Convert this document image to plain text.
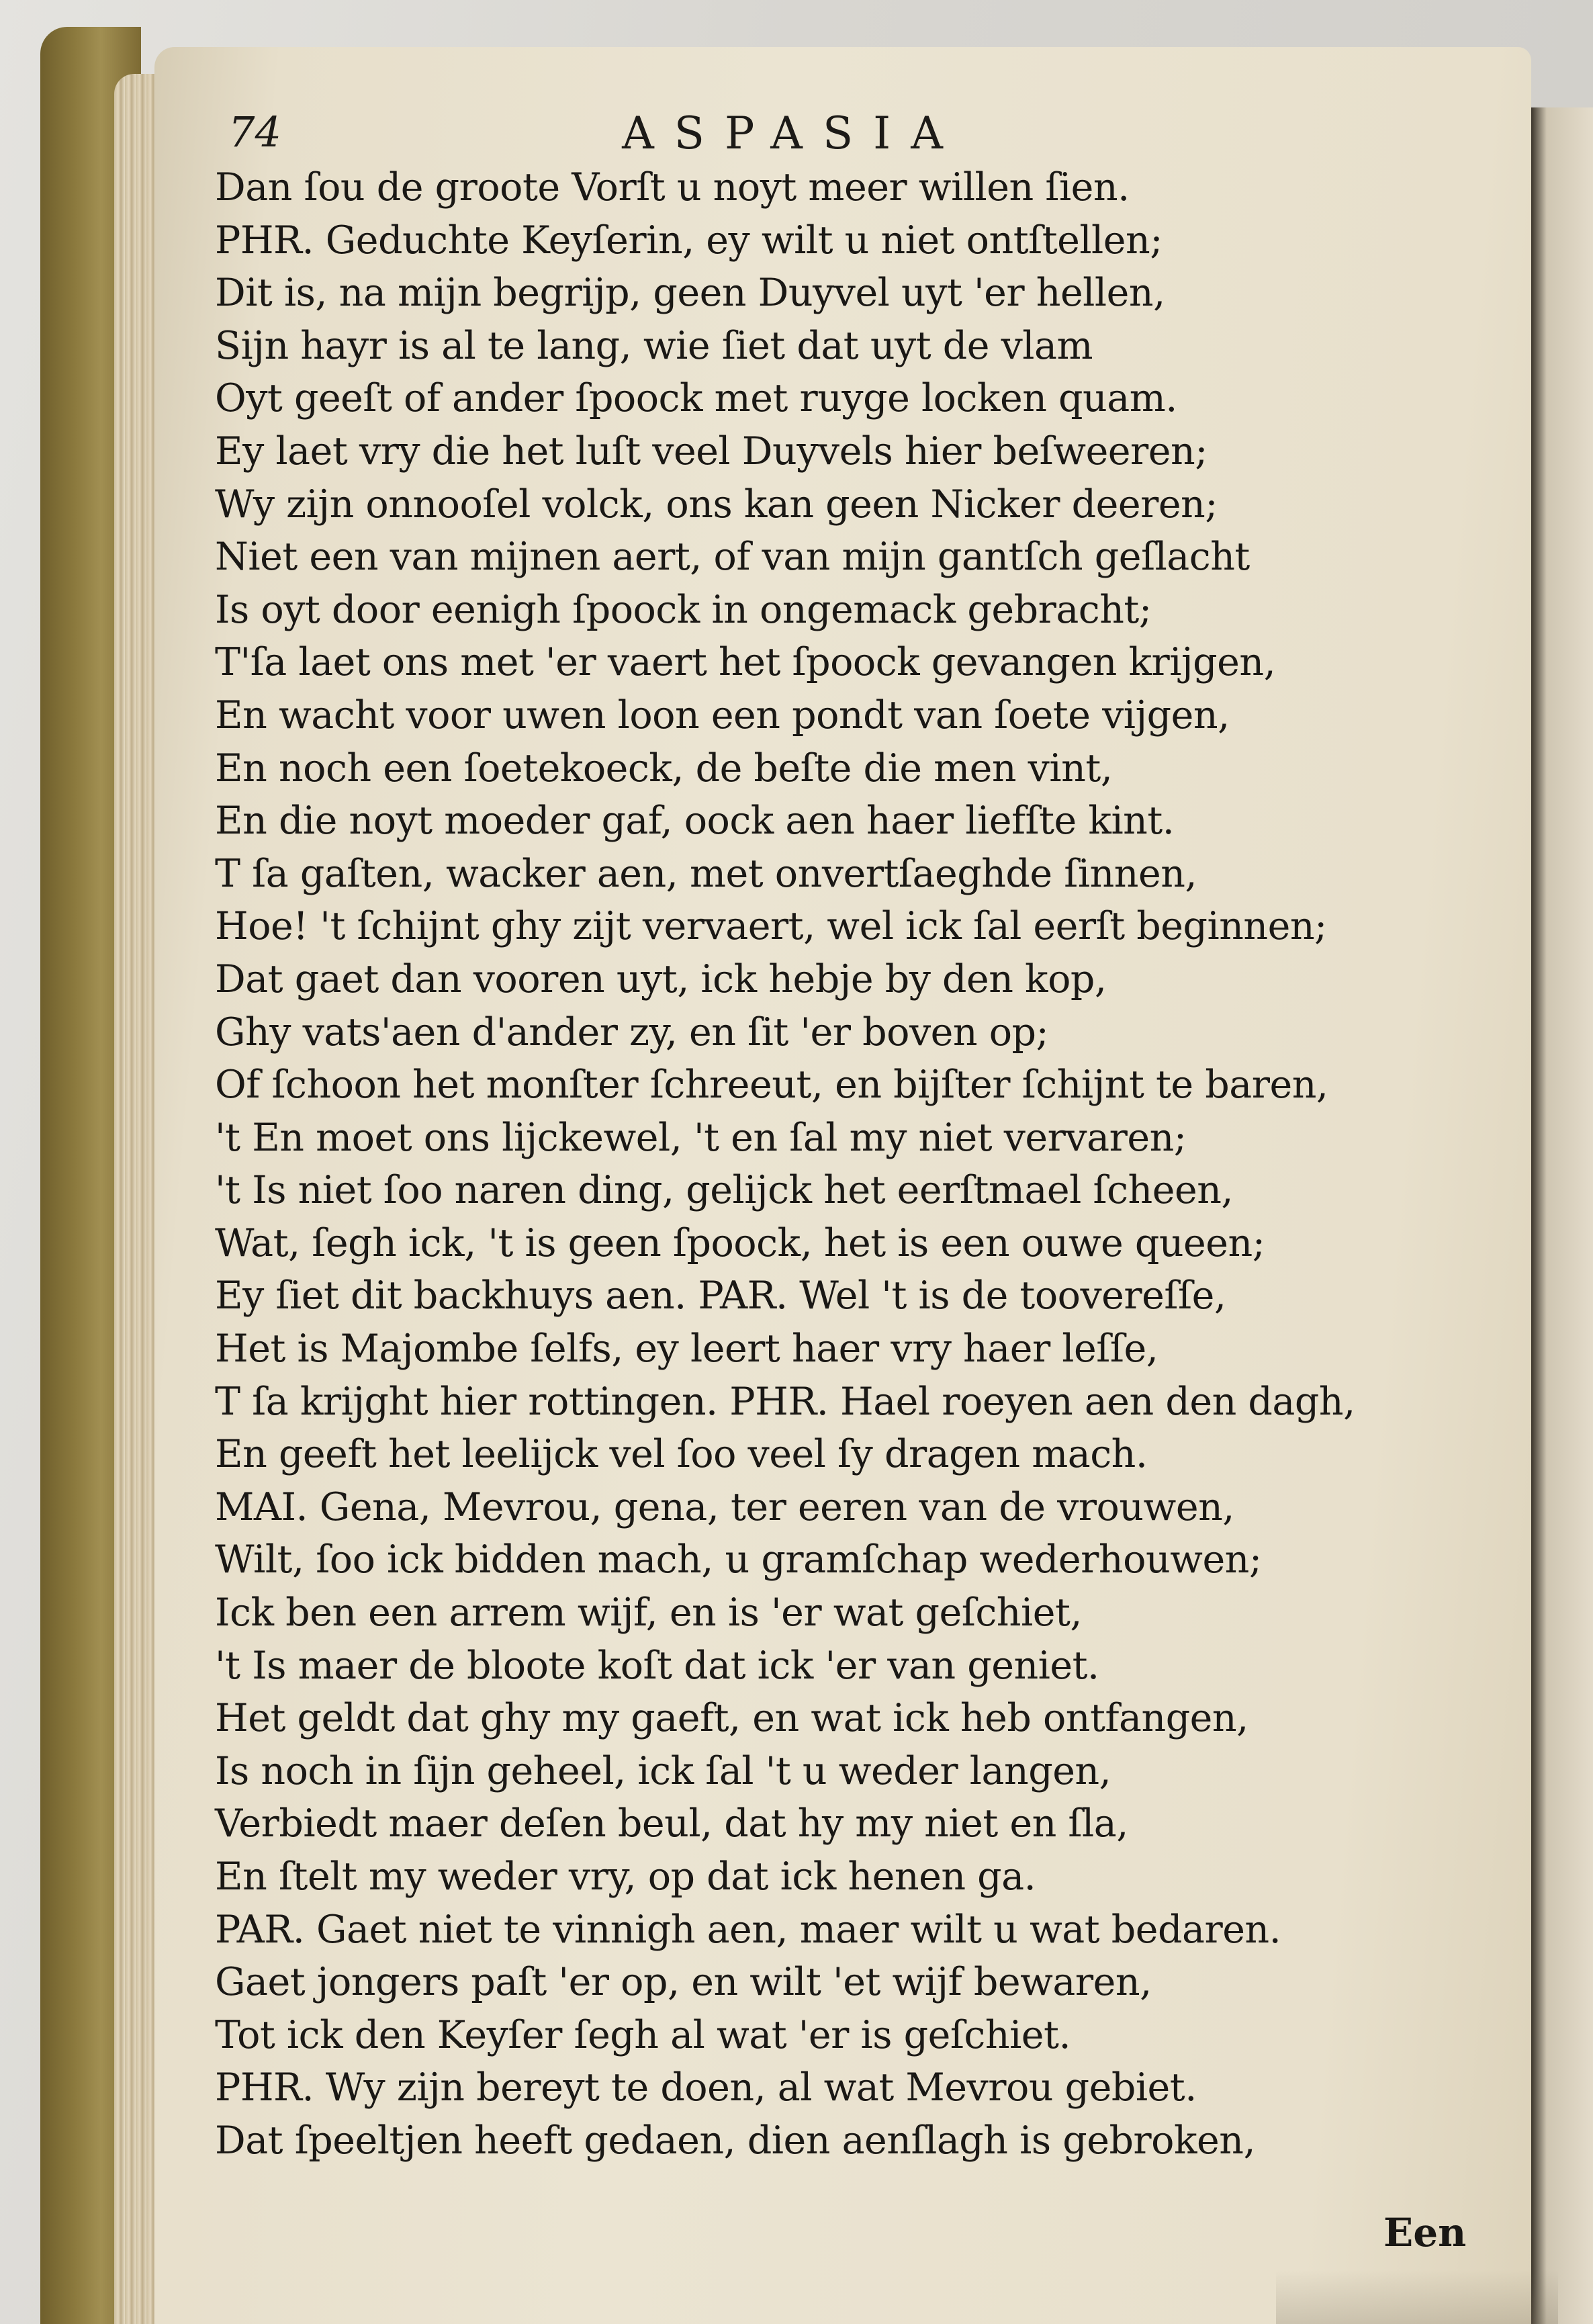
74	ASPASIA
Dan ſou de groote Vorſt u noyt meer willen ſien.
PHR. Geduchte Keyſerin, ey wilt u niet ontſtellen;
Dit is, na mijn begrijp, geen Duyvel uyt 'er hellen,
Sijn hayr is al te lang, wie ſiet dat uyt de vlam
Oyt geeſt of ander ſpoock met ruyge locken quam.
Ey laet vry die het luſt veel Duyvels hier beſweeren;
Wy zijn onnooſel volck, ons kan geen Nicker deeren;
Niet een van mijnen aert, of van mijn gantſch geſlacht
Is oyt door eenigh ſpoock in ongemack gebracht;
T'ſa laet ons met 'er vaert het ſpoock gevangen krijgen,
En wacht voor uwen loon een pondt van ſoete vijgen,
En noch een ſoetekoeck, de beſte die men vint,
En die noyt moeder gaf, oock aen haer liefſte kint.
T ſa gaſten, wacker aen, met onvertſaeghde ſinnen,
Hoe! 't ſchijnt ghy zijt vervaert, wel ick ſal eerſt beginnen;
Dat gaet dan vooren uyt, ick hebje by den kop,
Ghy vats'aen d'ander zy, en ſit 'er boven op;
Of ſchoon het monſter ſchreeut, en bijſter ſchijnt te baren,
't En moet ons lijckewel, 't en ſal my niet vervaren;
't Is niet ſoo naren ding, gelijck het eerſtmael ſcheen,
Wat, ſegh ick, 't is geen ſpoock, het is een ouwe queen;
Ey ſiet dit backhuys aen. PAR. Wel 't is de toovereſſe,
Het is Majombe ſelfs, ey leert haer vry haer leſſe,
T ſa krijght hier rottingen. PHR. Hael roeyen aen den dagh,
En geeft het leelijck vel ſoo veel ſy dragen mach.
MAI. Gena, Mevrou, gena, ter eeren van de vrouwen,
Wilt, ſoo ick bidden mach, u gramſchap wederhouwen;
Ick ben een arrem wijf, en is 'er wat geſchiet,
't Is maer de bloote koſt dat ick 'er van geniet.
Het geldt dat ghy my gaeft, en wat ick heb ontfangen,
Is noch in ſijn geheel, ick ſal 't u weder langen,
Verbiedt maer deſen beul, dat hy my niet en ſla,
En ſtelt my weder vry, op dat ick henen ga.
PAR. Gaet niet te vinnigh aen, maer wilt u wat bedaren.
Gaet jongers paſt 'er op, en wilt 'et wijf bewaren,
Tot ick den Keyſer ſegh al wat 'er is geſchiet.
PHR. Wy zijn bereyt te doen, al wat Mevrou gebiet.
Dat ſpeeltjen heeft gedaen, dien aenſlagh is gebroken,
Een
